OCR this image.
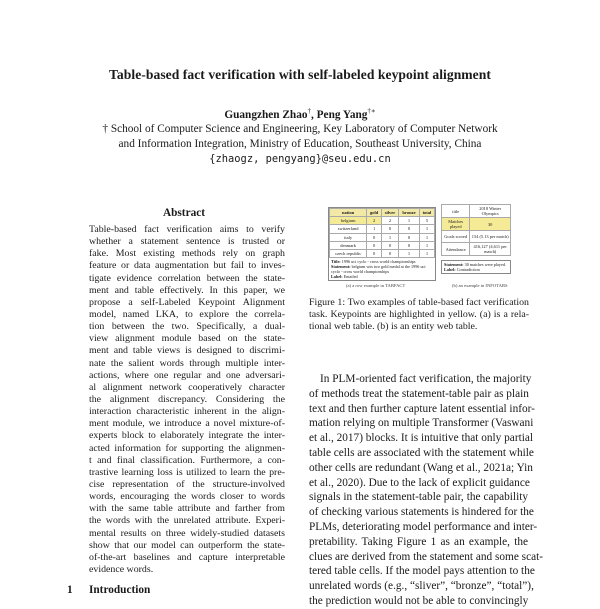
Table-based fact verification with self-labeled keypoint alignment
Guangzhen Zhao†, Peng Yang†∗
† School of Computer Science and Engineering, Key Laboratory of Computer Network
and Information Integration, Ministry of Education, Southeast University, China
{zhaogz, pengyang}@seu.edu.cn
Abstract
Table-based fact verification aims to verify
whether a statement sentence is trusted or
fake. Most existing methods rely on graph
feature or data augmentation but fail to inves-
tigate evidence correlation between the state-
ment and table effectively. In this paper, we
propose a self-Labeled Keypoint Alignment
model, named LKA, to explore the correla-
tion between the two. Specifically, a dual-
view alignment module based on the state-
ment and table views is designed to discrimi-
nate the salient words through multiple inter-
actions, where one regular and one adversari-
al alignment network cooperatively character
the alignment discrepancy. Considering the
interaction characteristic inherent in the align-
ment module, we introduce a novel mixture-of-
experts block to elaborately integrate the inter-
acted information for supporting the alignmen-
t and final classification. Furthermore, a con-
trastive learning loss is utilized to learn the pre-
cise representation of the structure-involved
words, encouraging the words closer to words
with the same table attribute and farther from
the words with the unrelated attribute. Experi-
mental results on three widely-studied datasets
show that our model can outperform the state-
of-the-art baselines and capture interpretable
evidence words.
1 Introduction
nation	gold	silver	bronze	total
belgium	2	2	1	5
switzerland	1	0	0	1
italy	0	1	0	1
denmark	0	0	0	1
czech republic	0	0	1	1
Title: 1996 uci cyclo - cross world championships
Statement: belgium win two gold medal at the 1996 uci cyclo - cross world championships
Label: Entailed
(a) a row example in TABFACT
title	2018 Winter Olympics
Matches played	30
Goals scored	154 (5.13 per match)
Attendance	416,127 (4,611 per match)
Statement: 30 matches were played.
Label: Contradiction
(b) an example in INFOTABS
Figure 1: Two examples of table-based fact verification
task. Keypoints are highlighted in yellow. (a) is a rela-
tional web table. (b) is an entity web table.
In PLM-oriented fact verification, the majority
of methods treat the statement-table pair as plain
text and then further capture latent essential infor-
mation relying on multiple Transformer (Vaswani
et al., 2017) blocks. It is intuitive that only partial
table cells are associated with the statement while
other cells are redundant (Wang et al., 2021a; Yin
et al., 2020). Due to the lack of explicit guidance
signals in the statement-table pair, the capability
of checking various statements is hindered for the
PLMs, deteriorating model performance and inter-
pretability. Taking Figure 1 as an example, the
clues are derived from the statement and some scat-
tered table cells. If the model pays attention to the
unrelated words (e.g., “sliver”, “bronze”, “total”),
the prediction would not be able to convincingly
